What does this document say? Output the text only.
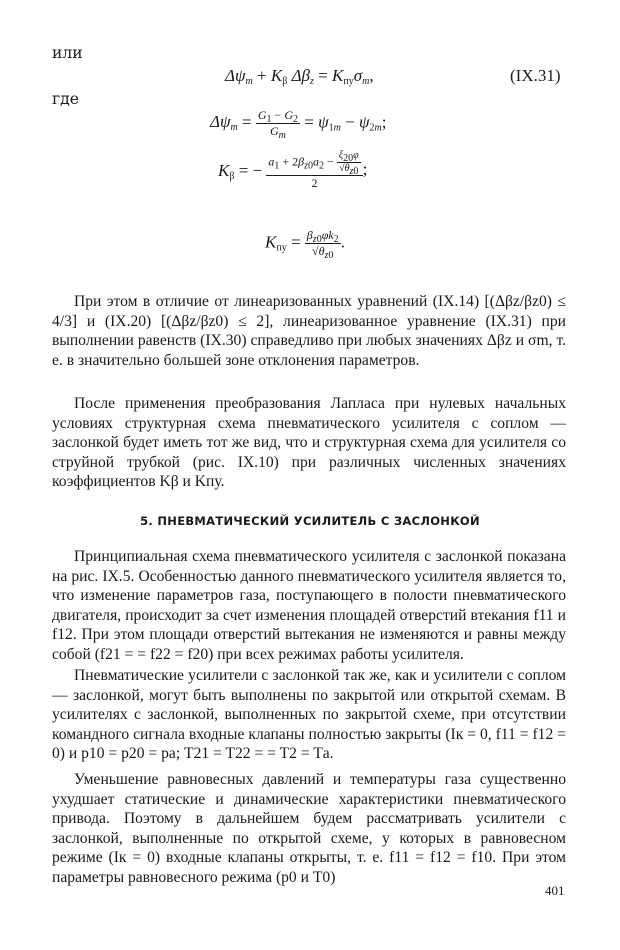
или
где
$\Delta\psi_m + K_\beta$ $\Delta\beta_z = K_{пу}\sigma_m$,	(IX.31)
$\Delta\psi_m = \frac{G_1 - G_2}{G_m} = \psi_{1m} - \psi_{2m}$;
$K_\beta$ = − $\frac{a_1 + 2\beta_{z0}a_2 - \frac{\xi_{20}\varphi}{√\theta_{z0}}}{2}$ ;
$K_{пу} = \frac{\beta_{z0}\varphi k_2}{√\theta_{z0}}$ .
При этом в отличие от линеаризованных уравнений (IX.14) [(Δβz/βz0) ≤ 4/3] и (IX.20) [(Δβz/βz0) ≤ 2], линеаризованное уравнение (IX.31) при выполнении равенств (IX.30) справедливо при любых значениях Δβz и σm, т. е. в значительно большей зоне отклонения параметров.
После применения преобразования Лапласа при нулевых начальных условиях структурная схема пневматического усилителя с соплом — заслонкой будет иметь тот же вид, что и структурная схема для усилителя со струйной трубкой (рис. IX.10) при различных численных значениях коэффициентов Kβ и Kпу.
5. ПНЕВМАТИЧЕСКИЙ УСИЛИТЕЛЬ С ЗАСЛОНКОЙ
Принципиальная схема пневматического усилителя с заслонкой показана на рис. IX.5. Особенностью данного пневматического усилителя является то, что изменение параметров газа, поступающего в полости пневматического двигателя, происходит за счет изменения площадей отверстий втекания f11 и f12. При этом площади отверстий вытекания не изменяются и равны между собой (f21 = = f22 = f20) при всех режимах работы усилителя.
Пневматические усилители с заслонкой так же, как и усилители с соплом — заслонкой, могут быть выполнены по закрытой или открытой схемам. В усилителях с заслонкой, выполненных по закрытой схеме, при отсутствии командного сигнала входные клапаны полностью закрыты (Iк = 0, f11 = f12 = 0) и p10 = p20 = pа; T21 = T22 = = T2 = Tа.
Уменьшение равновесных давлений и температуры газа существенно ухудшает статические и динамические характеристики пневматического привода. Поэтому в дальнейшем будем рассматривать усилители с заслонкой, выполненные по открытой схеме, у которых в равновесном режиме (Iк = 0) входные клапаны открыты, т. е. f11 = f12 = f10. При этом параметры равновесного режима (p0 и T0)
401
